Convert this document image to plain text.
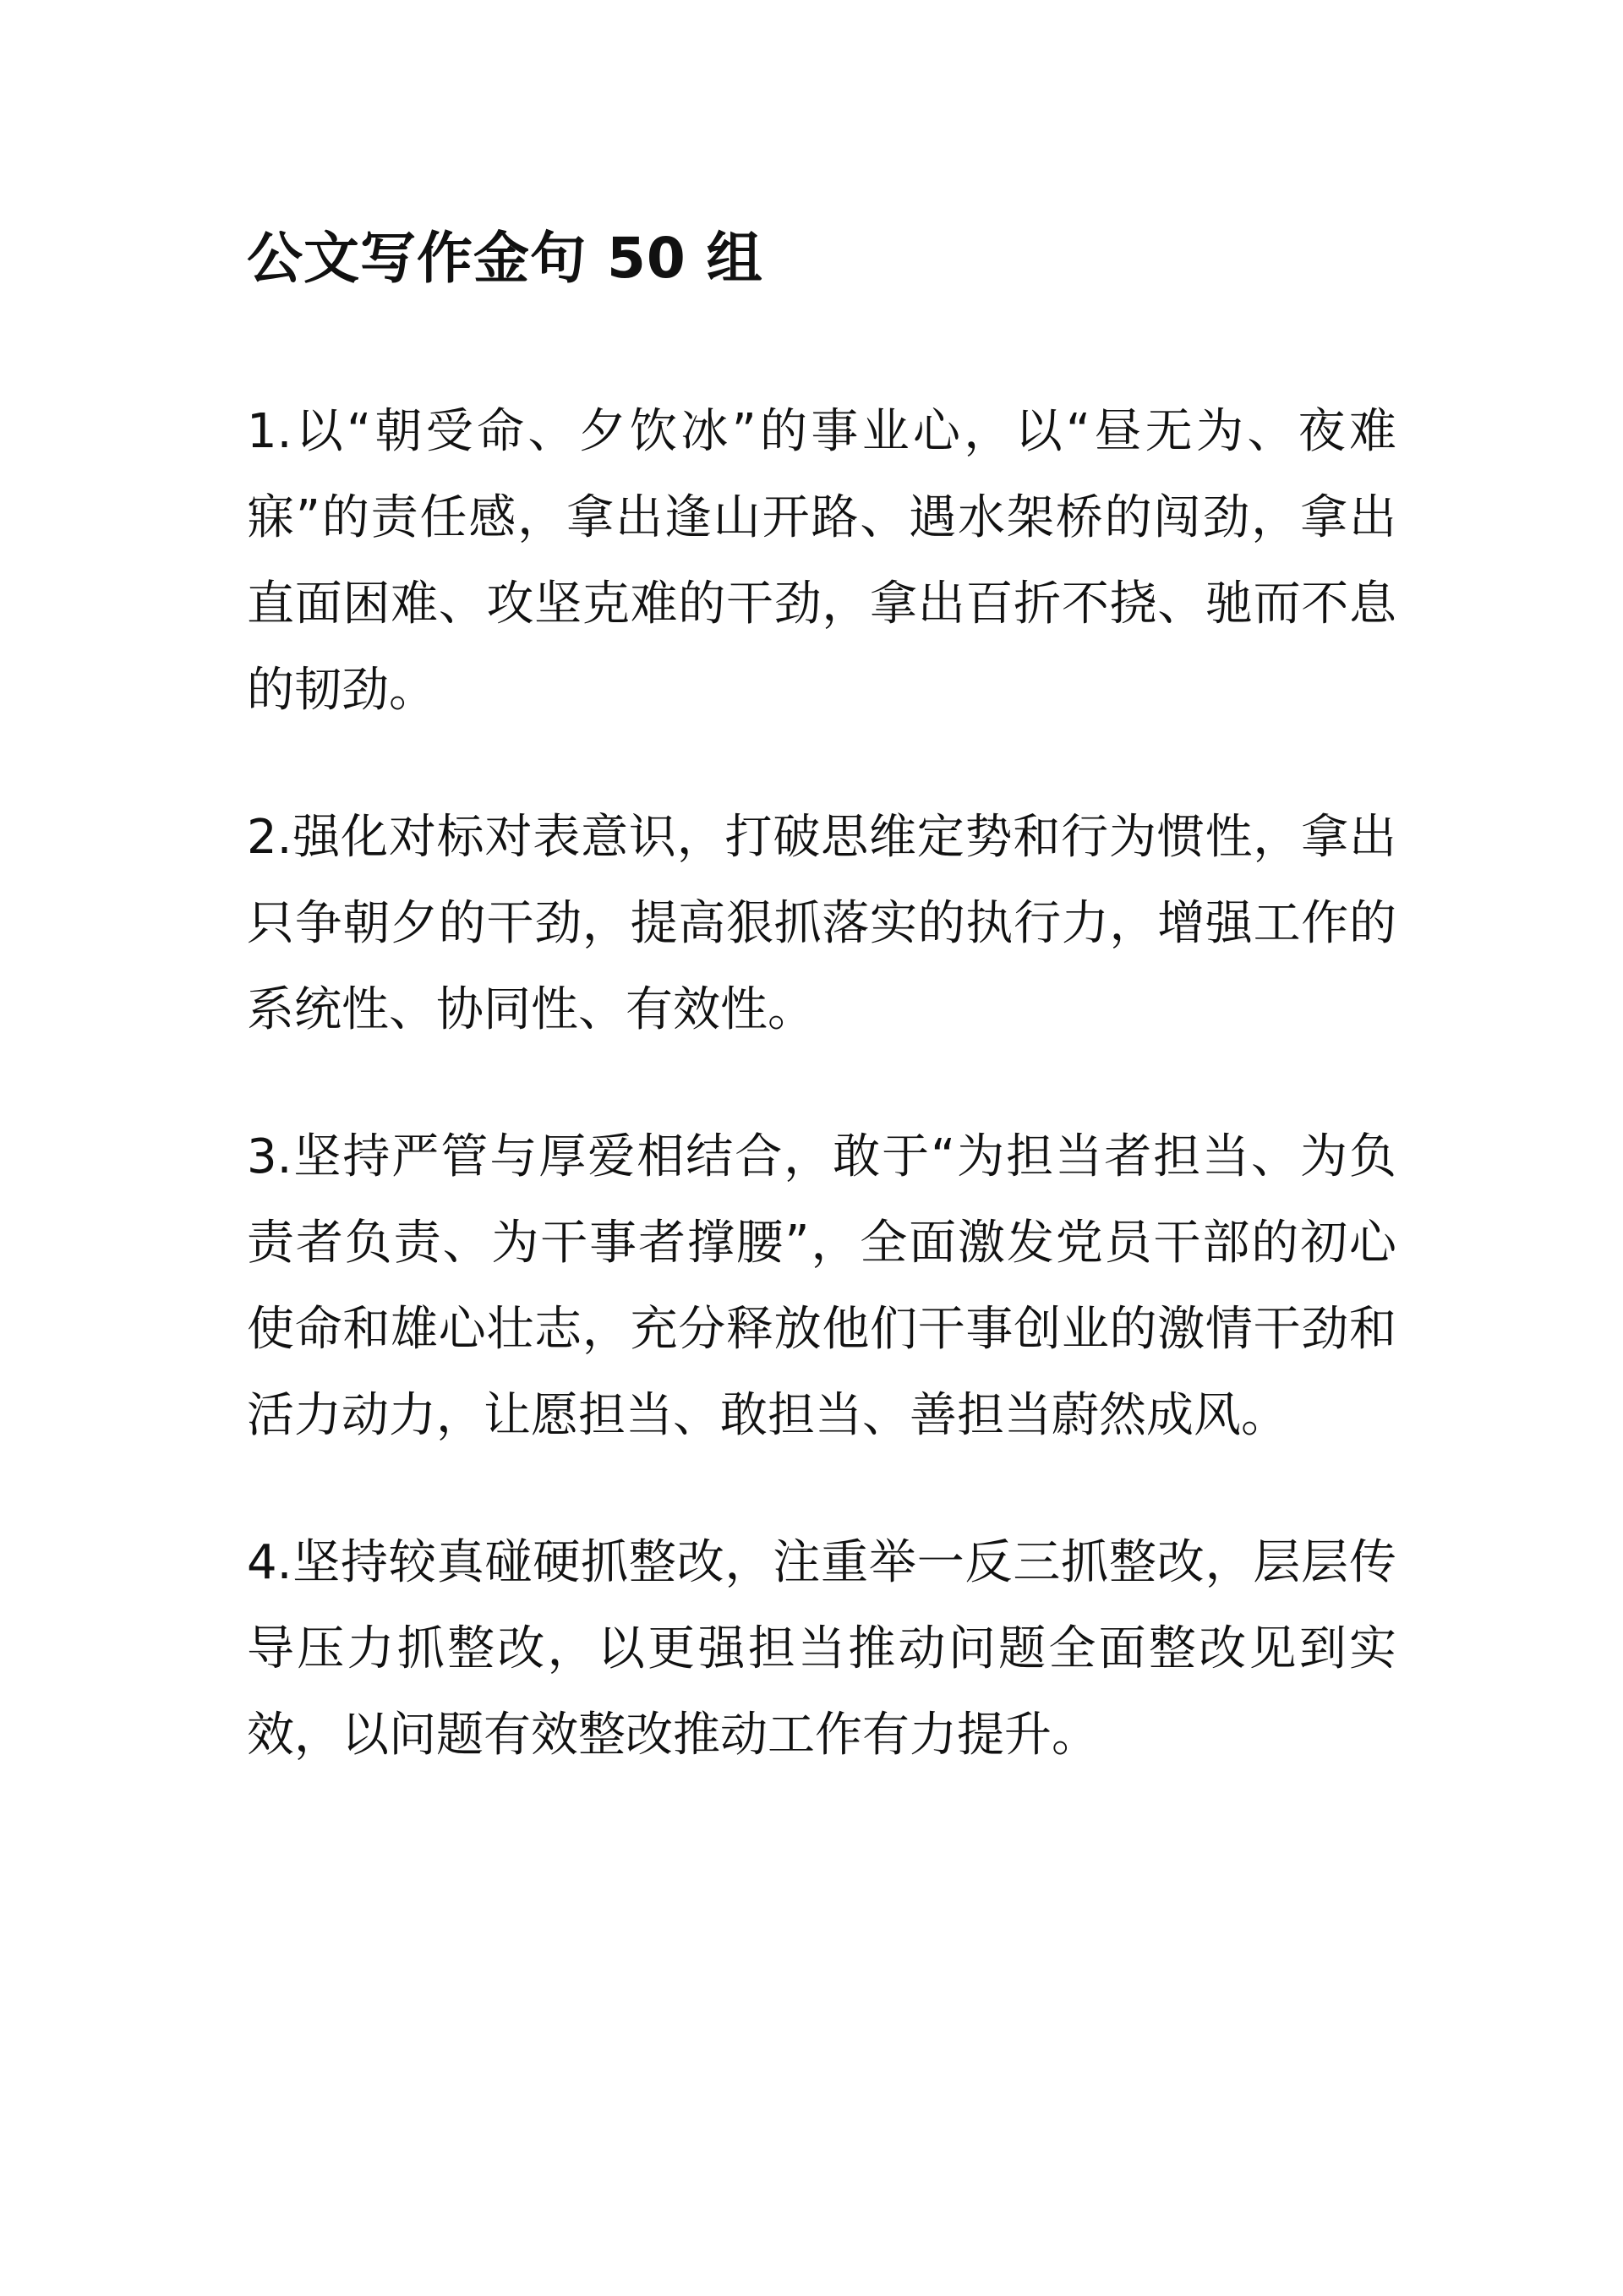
公文写作金句 50 组

1.以“朝受命、夕饮冰”的事业心，以“昼无为、夜难寐”的责任感，拿出逢山开路、遇水架桥的闯劲，拿出直面困难、攻坚克难的干劲，拿出百折不挠、驰而不息的韧劲。

2.强化对标对表意识，打破思维定势和行为惯性，拿出只争朝夕的干劲，提高狠抓落实的执行力，增强工作的系统性、协同性、有效性。

3.坚持严管与厚爱相结合，敢于“为担当者担当、为负责者负责、为干事者撑腰”，全面激发党员干部的初心使命和雄心壮志，充分释放他们干事创业的激情干劲和活力动力，让愿担当、敢担当、善担当蔚然成风。

4.坚持较真碰硬抓整改，注重举一反三抓整改，层层传导压力抓整改，以更强担当推动问题全面整改见到实效，以问题有效整改推动工作有力提升。
